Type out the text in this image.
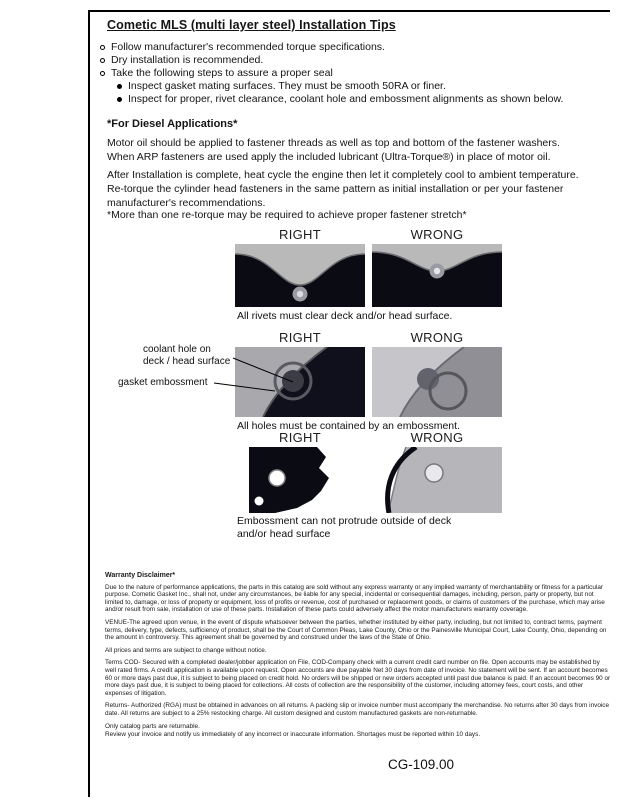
Cometic MLS (multi layer steel) Installation Tips
Follow manufacturer's recommended torque specifications.
Dry installation is recommended.
Take the following steps to assure a proper seal
Inspect gasket mating surfaces. They must be smooth 50RA or finer.
Inspect for proper, rivet clearance, coolant hole and embossment alignments as shown below.
*For Diesel Applications*

Motor oil should be applied to fastener threads as well as top and bottom of the fastener washers. When ARP fasteners are used apply the included lubricant (Ultra-Torque®) in place of motor oil.

After Installation is complete, heat cycle the engine then let it completely cool to ambient temperature. Re-torque the cylinder head fasteners in the same pattern as initial installation or per your fastener manufacturer's recommendations.

*More than one re-torque may be required to achieve proper fastener stretch*

RIGHT	WRONG
All rivets must clear deck and/or head surface.
RIGHT	WRONG
coolant hole on
deck / head surface
gasket embossment
All holes must be contained by an embossment.
RIGHT	WRONG
Embossment can not protrude outside of deck
and/or head surface
Warranty Disclaimer*

Due to the nature of performance applications, the parts in this catalog are sold without any express warranty or any implied warranty of merchantability or fitness for a particular purpose. Cometic Gasket Inc., shall not, under any circumstances, be liable for any special, incidental or consequential damages, including, person, party or property, but not limited to, damage, or loss of property or equipment, loss of profits or revenue, cost of purchased or replacement goods, or claims of customers of the purchase, which may arise and/or result from sale, installation or use of these parts. Installation of these parts could adversely affect the motor manufacturers warranty coverage.

VENUE-The agreed upon venue, in the event of dispute whatsoever between the parties, whether instituted by either party, including, but not limited to, contract terms, payment terms, delivery, type, defects, sufficiency of product, shall be the Court of Common Pleas, Lake County, Ohio or the Painesville Municipal Court, Lake County, Ohio, depending on the amount in controversy. This agreement shall be governed by and construed under the laws of the State of Ohio.

All prices and terms are subject to change without notice.

Terms COD- Secured with a completed dealer/jobber application on File, COD-Company check with a current credit card number on file. Open accounts may be established by well rated firms. A credit application is available upon request. Open accounts are due payable Net 30 days from date of invoice. No statement will be sent. If an account becomes 60 or more days past due, it is subject to being placed on credit hold. No orders will be shipped or new orders accepted until past due balance is paid. If an account becomes 90 or more days past due, it is subject to being placed for collections. All costs of collection are the responsibility of the customer, including attorney fees, court costs, and other expenses of litigation.

Returns- Authorized (RGA) must be obtained in advances on all returns. A packing slip or invoice number must accompany the merchandise. No returns after 30 days from invoice date. All returns are subject to a 25% restocking charge. All custom designed and custom manufactured gaskets are non-returnable.

Only catalog parts are returnable.

Review your invoice and notify us immediately of any incorrect or inaccurate information. Shortages must be reported within 10 days.

CG-109.00
